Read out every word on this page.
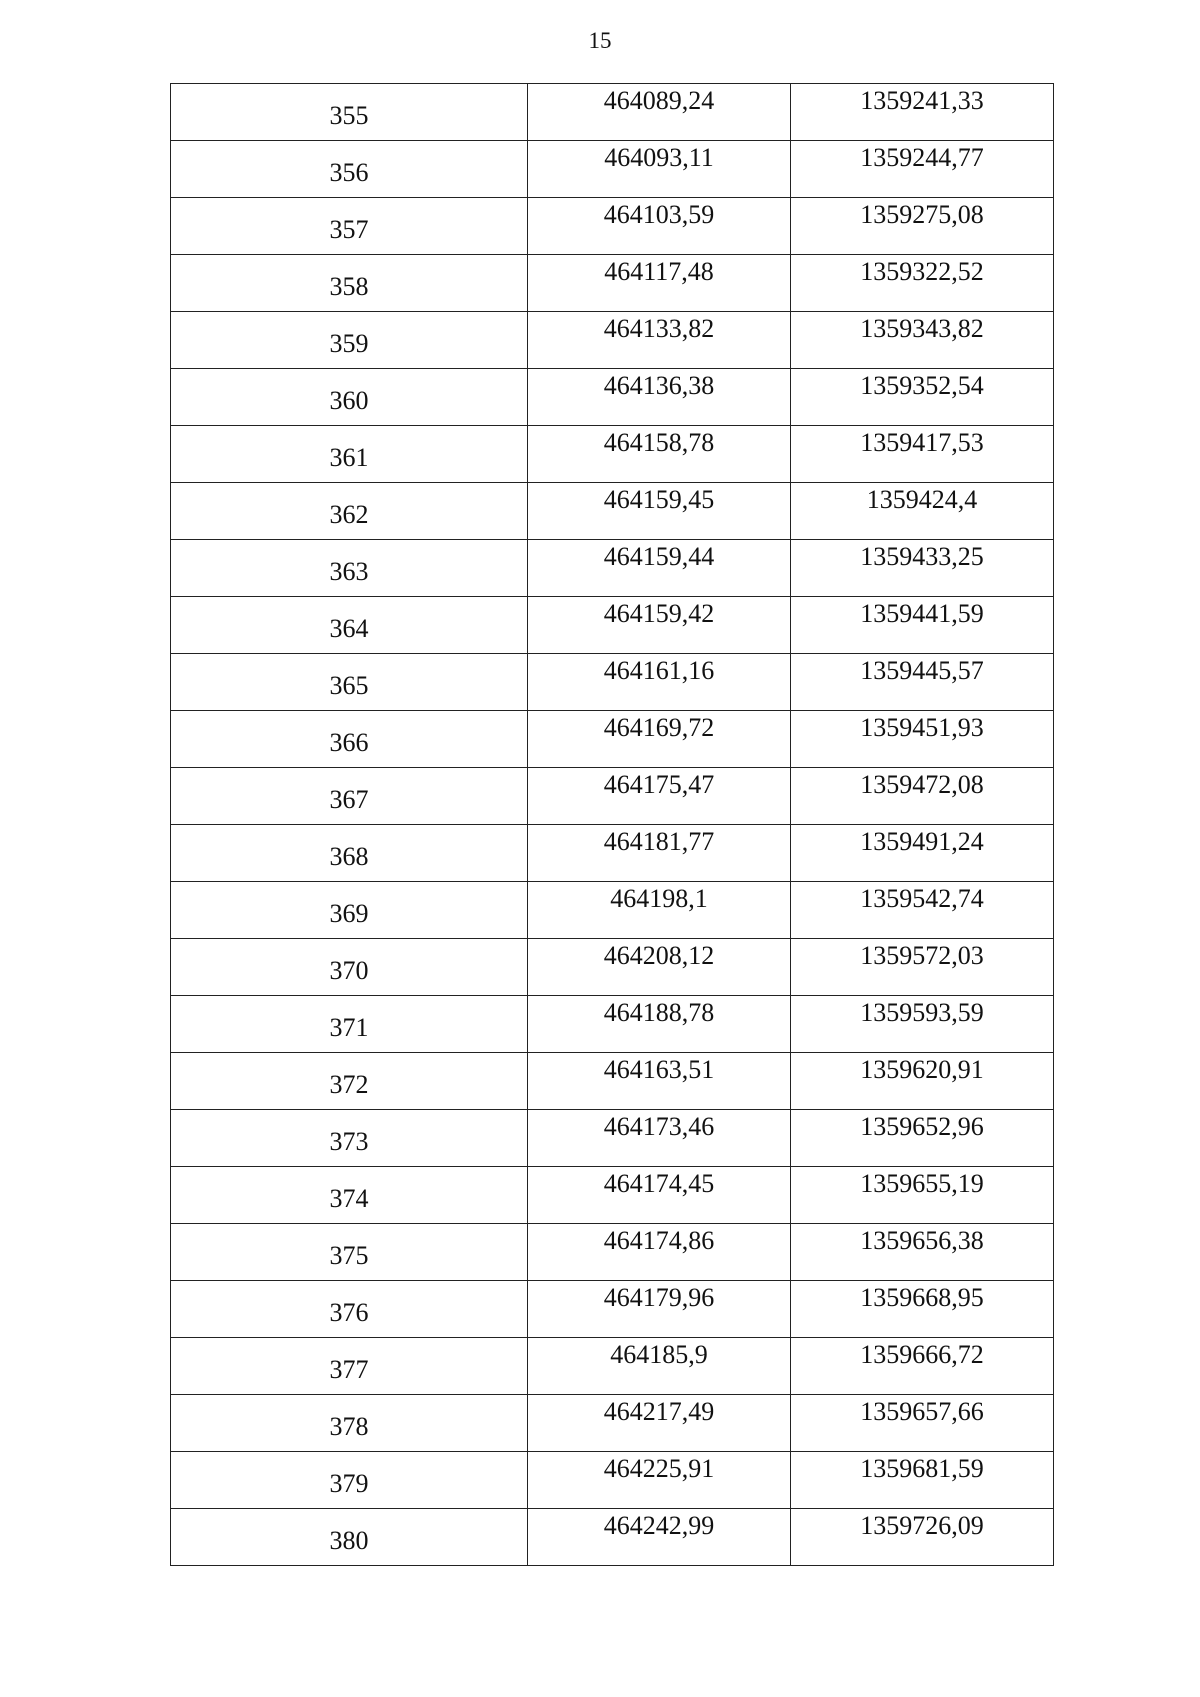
15
355	464089,24	1359241,33
356	464093,11	1359244,77
357	464103,59	1359275,08
358	464117,48	1359322,52
359	464133,82	1359343,82
360	464136,38	1359352,54
361	464158,78	1359417,53
362	464159,45	1359424,4
363	464159,44	1359433,25
364	464159,42	1359441,59
365	464161,16	1359445,57
366	464169,72	1359451,93
367	464175,47	1359472,08
368	464181,77	1359491,24
369	464198,1	1359542,74
370	464208,12	1359572,03
371	464188,78	1359593,59
372	464163,51	1359620,91
373	464173,46	1359652,96
374	464174,45	1359655,19
375	464174,86	1359656,38
376	464179,96	1359668,95
377	464185,9	1359666,72
378	464217,49	1359657,66
379	464225,91	1359681,59
380	464242,99	1359726,09
